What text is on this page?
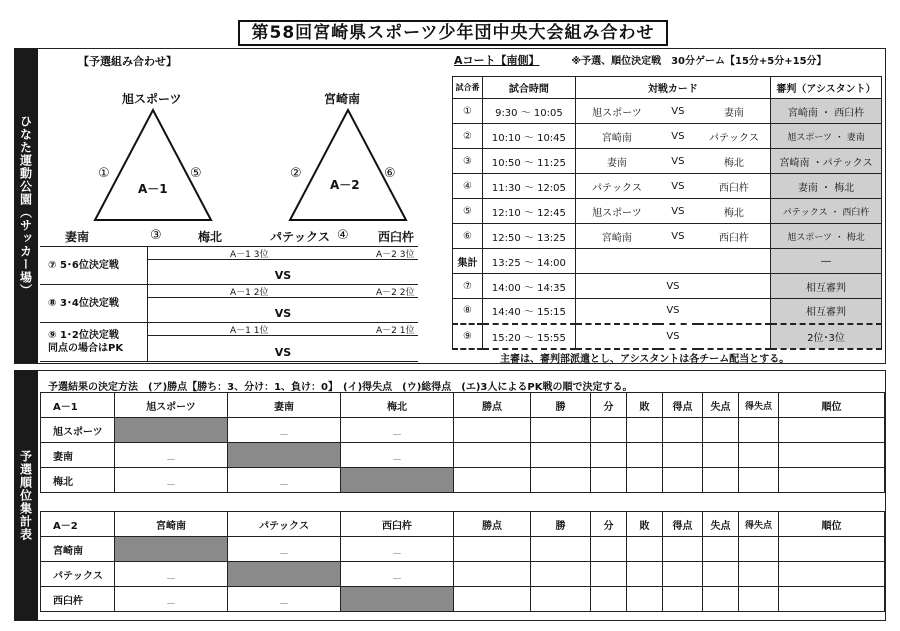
第58回宮崎県スポーツ少年団中央大会組み合わせ
ひなた運動公園（サッカー場）
予選順位集計表
【予選組み合わせ】
旭スポーツ
妻南	梅北
A－1
①	⑤
③
宮崎南
パテックス	西臼杵
A－2
②	⑥
④
⑦ 5･6位決定戦
A－1 3位	A－2 3位
VS
⑧ 3･4位決定戦
A－1 2位	A－2 2位
VS
⑨ 1･2位決定戦
同点の場合はPK
A－1 1位	A－2 1位
VS
Aコート【南側】	※予選、順位決定戦　30分ゲーム【15分+5分+15分】
試合番	試合時間	対戦カード			審判（アシスタント）
①	9:30 ～ 10:05	旭スポーツ	VS	妻南	宮崎南 ・ 西臼杵
②	10:10 ～ 10:45	宮崎南	VS	パテックス	旭スポーツ ・ 妻南
③	10:50 ～ 11:25	妻南	VS	梅北	宮崎南 ・パテックス
④	11:30 ～ 12:05	パテックス	VS	西臼杵	妻南 ・ 梅北
⑤	12:10 ～ 12:45	旭スポーツ	VS	梅北	パテックス ・ 西臼杵
⑥	12:50 ～ 13:25	宮崎南	VS	西臼杵	旭スポーツ ・ 梅北
集計	13:25 ～ 14:00				―
⑦	14:00 ～ 14:35	VS			相互審判
⑧	14:40 ～ 15:15	VS			相互審判
⑨	15:20 ～ 15:55	VS			2位･3位
主審は、審判部派遣とし、アシスタントは各チーム配当とする。
予選結果の決定方法　(ア)勝点【勝ち：3、分け：1、負け：0】　(イ)得失点　(ウ)総得点　(エ)3人によるPK戦の順で決定する。
A－1	旭スポーツ	妻南	梅北	勝点	勝	分	敗	得点	失点	得失点	順位
旭スポーツ		－	－								
妻南	－		－								
梅北	－	－									
A－2	宮崎南	パテックス	西臼杵	勝点	勝	分	敗	得点	失点	得失点	順位
宮崎南		－	－								
パテックス	－		－								
西臼杵	－	－									
